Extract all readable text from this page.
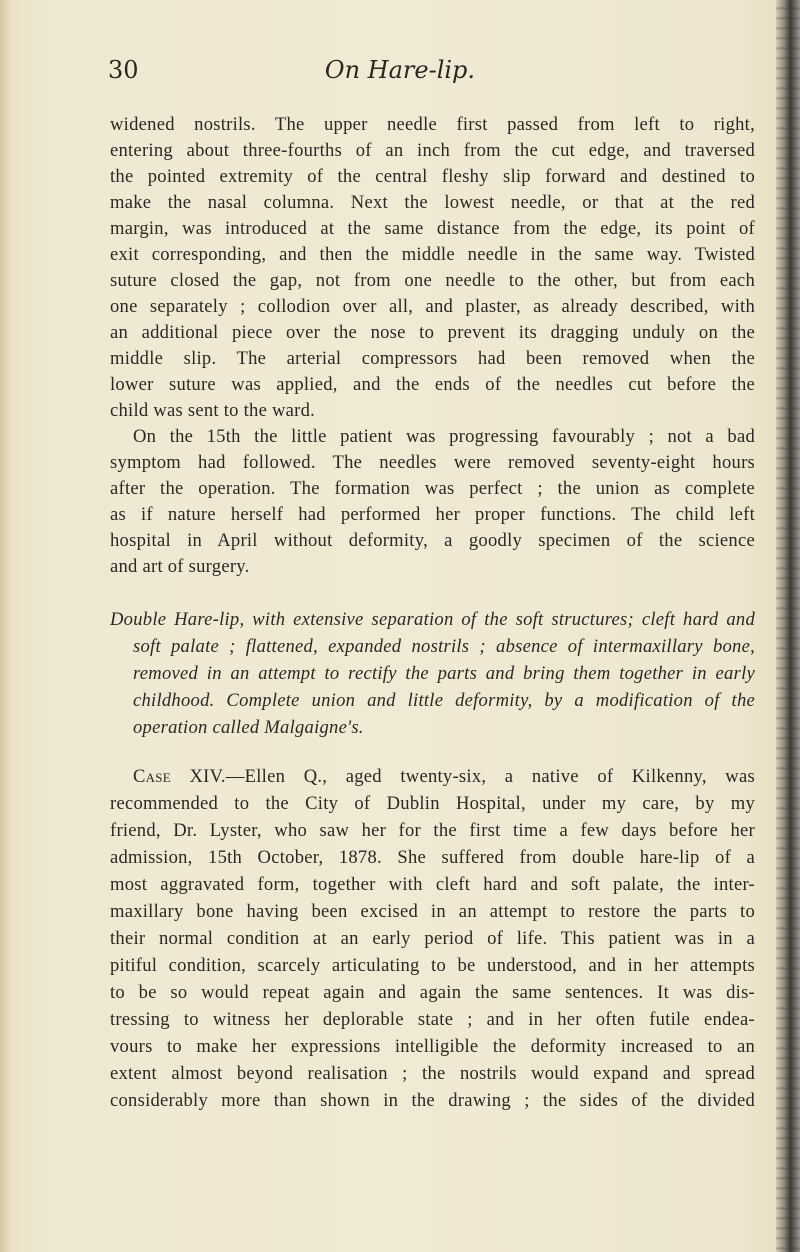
30	On Hare-lip.
widened nostrils. The upper needle first passed from left to right,
entering about three-fourths of an inch from the cut edge, and traversed
the pointed extremity of the central fleshy slip forward and destined to
make the nasal columna. Next the lowest needle, or that at the red
margin, was introduced at the same distance from the edge, its point of
exit corresponding, and then the middle needle in the same way. Twisted
suture closed the gap, not from one needle to the other, but from each
one separately ; collodion over all, and plaster, as already described, with
an additional piece over the nose to prevent its dragging unduly on the
middle slip. The arterial compressors had been removed when the
lower suture was applied, and the ends of the needles cut before the
child was sent to the ward.
On the 15th the little patient was progressing favourably ; not a bad
symptom had followed. The needles were removed seventy-eight hours
after the operation. The formation was perfect ; the union as complete
as if nature herself had performed her proper functions. The child left
hospital in April without deformity, a goodly specimen of the science
and art of surgery.
Double Hare-lip, with extensive separation of the soft structures; cleft hard and
soft palate ; flattened, expanded nostrils ; absence of intermaxillary bone,
removed in an attempt to rectify the parts and bring them together in early
childhood. Complete union and little deformity, by a modification of the
operation called Malgaigne's.
Case XIV.—Ellen Q., aged twenty-six, a native of Kilkenny, was
recommended to the City of Dublin Hospital, under my care, by my
friend, Dr. Lyster, who saw her for the first time a few days before her
admission, 15th October, 1878. She suffered from double hare-lip of a
most aggravated form, together with cleft hard and soft palate, the inter-
maxillary bone having been excised in an attempt to restore the parts to
their normal condition at an early period of life. This patient was in a
pitiful condition, scarcely articulating to be understood, and in her attempts
to be so would repeat again and again the same sentences. It was dis-
tressing to witness her deplorable state ; and in her often futile endea-
vours to make her expressions intelligible the deformity increased to an
extent almost beyond realisation ; the nostrils would expand and spread
considerably more than shown in the drawing ; the sides of the divided
